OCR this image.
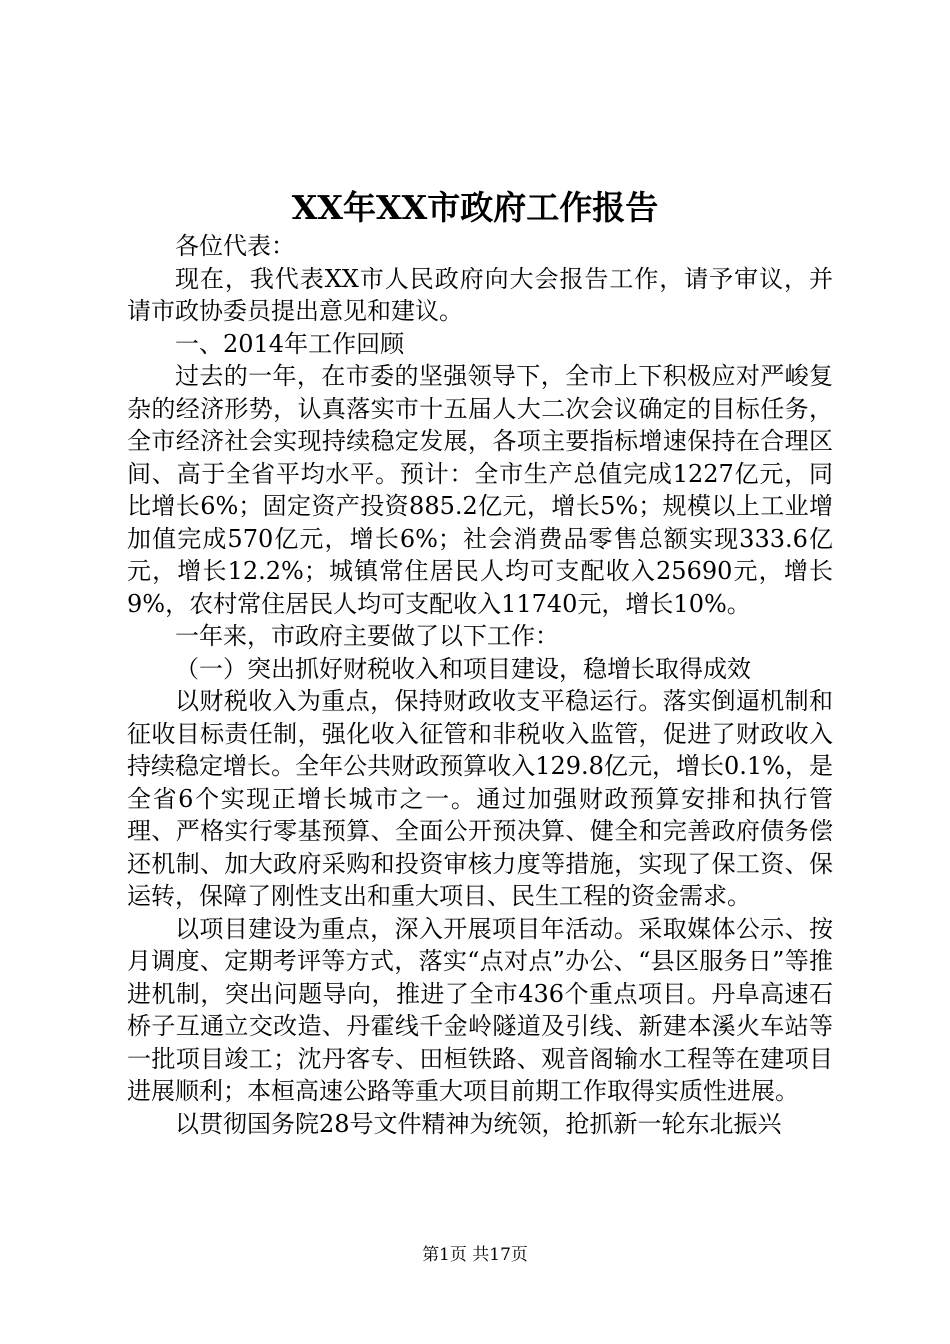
XX年XX市政府工作报告

各位代表：

现在，我代表XX市人民政府向大会报告工作，请予审议，并请市政协委员提出意见和建议。

一、2014年工作回顾

过去的一年，在市委的坚强领导下，全市上下积极应对严峻复杂的经济形势，认真落实市十五届人大二次会议确定的目标任务，全市经济社会实现持续稳定发展，各项主要指标增速保持在合理区间、高于全省平均水平。预计：全市生产总值完成1227亿元，同比增长6%；固定资产投资885.2亿元，增长5%；规模以上工业增加值完成570亿元，增长6%；社会消费品零售总额实现333.6亿元，增长12.2%；城镇常住居民人均可支配收入25690元，增长9%，农村常住居民人均可支配收入11740元，增长10%。

一年来，市政府主要做了以下工作：

（一）突出抓好财税收入和项目建设，稳增长取得成效

以财税收入为重点，保持财政收支平稳运行。落实倒逼机制和征收目标责任制，强化收入征管和非税收入监管，促进了财政收入持续稳定增长。全年公共财政预算收入129.8亿元，增长0.1%，是全省6个实现正增长城市之一。通过加强财政预算安排和执行管理、严格实行零基预算、全面公开预决算、健全和完善政府债务偿还机制、加大政府采购和投资审核力度等措施，实现了保工资、保运转，保障了刚性支出和重大项目、民生工程的资金需求。

以项目建设为重点，深入开展项目年活动。采取媒体公示、按月调度、定期考评等方式，落实“点对点”办公、“县区服务日”等推进机制，突出问题导向，推进了全市436个重点项目。丹阜高速石桥子互通立交改造、丹霍线千金岭隧道及引线、新建本溪火车站等一批项目竣工；沈丹客专、田桓铁路、观音阁输水工程等在建项目进展顺利；本桓高速公路等重大项目前期工作取得实质性进展。

以贯彻国务院28号文件精神为统领，抢抓新一轮东北振兴

第1页 共17页
